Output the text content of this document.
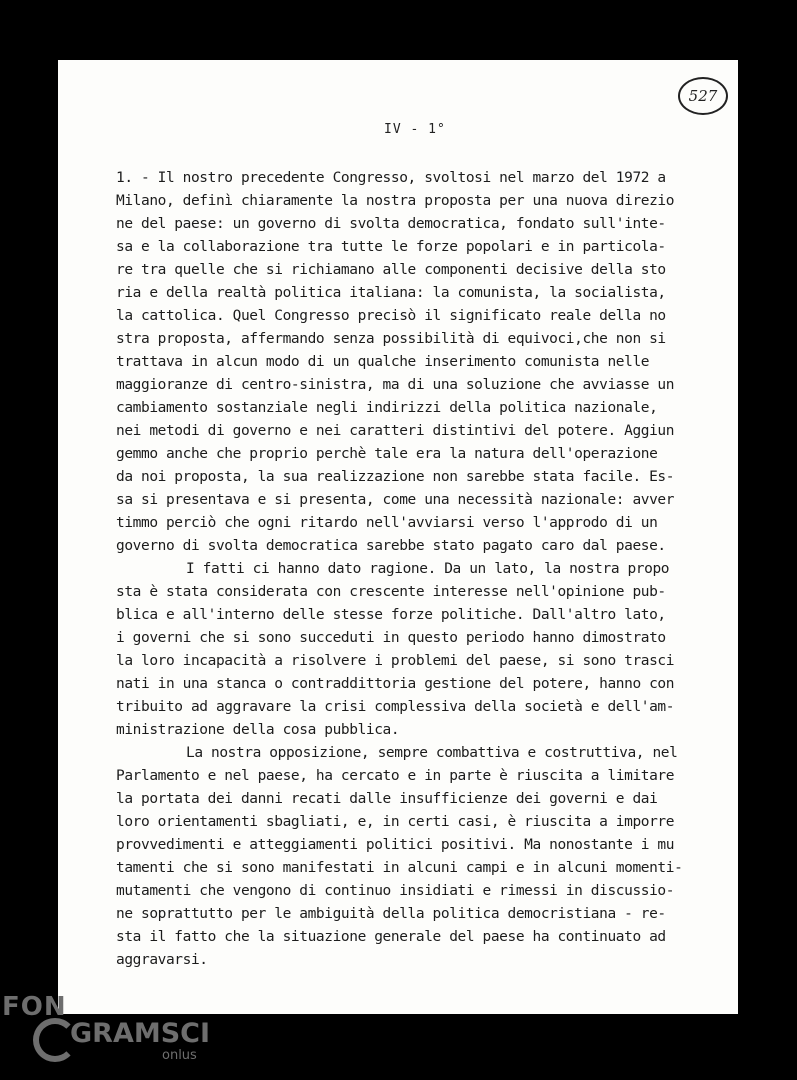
527
IV - 1°
1. - Il nostro precedente Congresso, svoltosi nel marzo del 1972 a
Milano, definì chiaramente la nostra proposta per una nuova direzio
ne del paese: un governo di svolta democratica, fondato sull'inte-
sa e la collaborazione tra tutte le forze popolari e in particola-
re tra quelle che si richiamano alle componenti decisive della sto
ria e della realtà politica italiana: la comunista, la socialista,
la cattolica. Quel Congresso precisò il significato reale della no
stra proposta, affermando senza possibilità di equivoci,che non si
trattava in alcun modo di un qualche inserimento comunista nelle
maggioranze di centro-sinistra, ma di una soluzione che avviasse un
cambiamento sostanziale negli indirizzi della politica nazionale,
nei metodi di governo e nei caratteri distintivi del potere. Aggiun
gemmo anche che proprio perchè tale era la natura dell'operazione
da noi proposta, la sua realizzazione non sarebbe stata facile. Es-
sa si presentava e si presenta, come una necessità nazionale: avver
timmo perciò che ogni ritardo nell'avviarsi verso l'approdo di un
governo di svolta democratica sarebbe stato pagato caro dal paese.
I fatti ci hanno dato ragione. Da un lato, la nostra propo
sta è stata considerata con crescente interesse nell'opinione pub-
blica e all'interno delle stesse forze politiche. Dall'altro lato,
i governi che si sono succeduti in questo periodo hanno dimostrato
la loro incapacità a risolvere i problemi del paese, si sono trasci
nati in una stanca o contraddittoria gestione del potere, hanno con
tribuito ad aggravare la crisi complessiva della società e dell'am-
ministrazione della cosa pubblica.
La nostra opposizione, sempre combattiva e costruttiva, nel
Parlamento e nel paese, ha cercato e in parte è riuscita a limitare
la portata dei danni recati dalle insufficienze dei governi e dai
loro orientamenti sbagliati, e, in certi casi, è riuscita a imporre
provvedimenti e atteggiamenti politici positivi. Ma nonostante i mu
tamenti che si sono manifestati in alcuni campi e in alcuni momenti-
mutamenti che vengono di continuo insidiati e rimessi in discussio-
ne soprattutto per le ambiguità della politica democristiana - re-
sta il fatto che la situazione generale del paese ha continuato ad
aggravarsi.
FON
GRAMSCI
onlus
